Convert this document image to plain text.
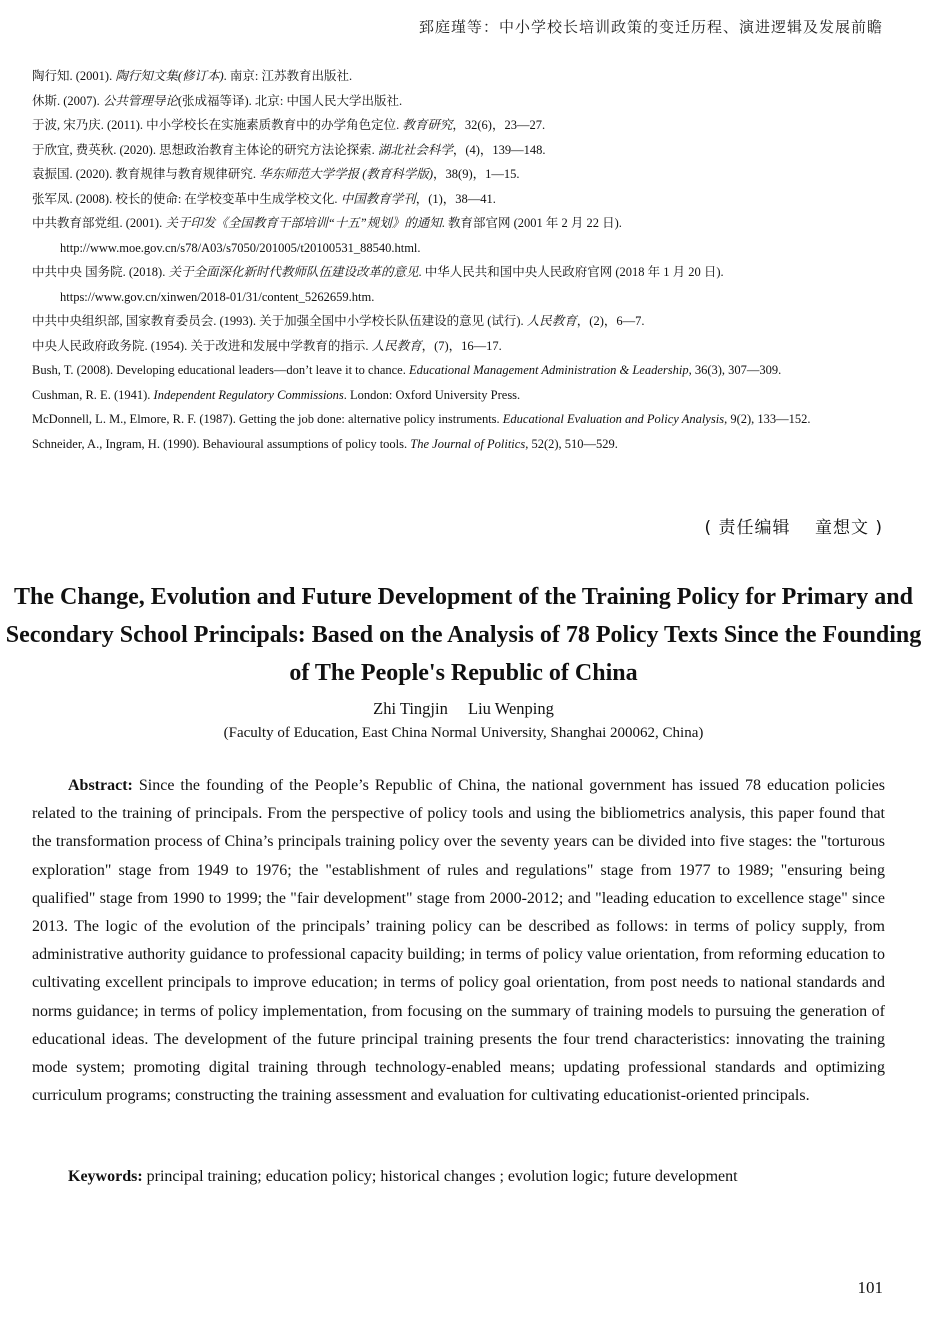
郅庭瑾等：中小学校长培训政策的变迁历程、演进逻辑及发展前瞻

陶行知. (2001). 陶行知文集(修订本). 南京: 江苏教育出版社.

休斯. (2007). 公共管理导论(张成福等译). 北京: 中国人民大学出版社.

于波, 宋乃庆. (2011). 中小学校长在实施素质教育中的办学角色定位. 教育研究，32(6)，23—27.

于欣宜, 费英秋. (2020). 思想政治教育主体论的研究方法论探索. 湖北社会科学，(4)，139—148.

袁振国. (2020). 教育规律与教育规律研究. 华东师范大学学报 (教育科学版)，38(9)，1—15.

张军凤. (2008). 校长的使命: 在学校变革中生成学校文化. 中国教育学刊，(1)，38—41.

中共教育部党组. (2001). 关于印发《全国教育干部培训“十五”规划》的通知. 教育部官网 (2001 年 2 月 22 日). http://www.moe.gov.cn/s78/A03/s7050/201005/t20100531_88540.html.

中共中央 国务院. (2018). 关于全面深化新时代教师队伍建设改革的意见. 中华人民共和国中央人民政府官网 (2018 年 1 月 20 日). https://www.gov.cn/xinwen/2018-01/31/content_5262659.htm.

中共中央组织部, 国家教育委员会. (1993). 关于加强全国中小学校长队伍建设的意见 (试行). 人民教育，(2)，6—7.

中央人民政府政务院. (1954). 关于改进和发展中学教育的指示. 人民教育，(7)，16—17.

Bush, T. (2008). Developing educational leaders—don’t leave it to chance. Educational Management Administration & Leadership, 36(3), 307—309.

Cushman, R. E. (1941). Independent Regulatory Commissions. London: Oxford University Press.

McDonnell, L. M., Elmore, R. F. (1987). Getting the job done: alternative policy instruments. Educational Evaluation and Policy Analysis, 9(2), 133—152.

Schneider, A., Ingram, H. (1990). Behavioural assumptions of policy tools. The Journal of Politics, 52(2), 510—529.

( 责任编辑　 童想文 )
The Change, Evolution and Future Development of the Training Policy for Primary and Secondary School Principals: Based on the Analysis of 78 Policy Texts Since the Founding of The People's Republic of China
Zhi Tingjin Liu Wenping
(Faculty of Education, East China Normal University, Shanghai 200062, China)

Abstract: Since the founding of the People’s Republic of China, the national government has issued 78 education policies related to the training of principals. From the perspective of policy tools and using the bibliometrics analysis, this paper found that the transformation process of China’s principals training policy over the seventy years can be divided into five stages: the "torturous exploration" stage from 1949 to 1976; the "establishment of rules and regulations" stage from 1977 to 1989; "ensuring being qualified" stage from 1990 to 1999; the "fair development" stage from 2000-2012; and "leading education to excellence stage" since 2013. The logic of the evolution of the principals’ training policy can be described as follows: in terms of policy supply, from administrative authority guidance to professional capacity building; in terms of policy value orientation, from reforming education to cultivating excellent principals to improve education; in terms of policy goal orientation, from post needs to national standards and norms guidance; in terms of policy implementation, from focusing on the summary of training models to pursuing the generation of educational ideas. The development of the future principal training presents the four trend characteristics: innovating the training mode system; promoting digital training through technology-enabled means; updating professional standards and optimizing curriculum programs; constructing the training assessment and evaluation for cultivating educationist-oriented principals.

Keywords: principal training; education policy; historical changes ; evolution logic; future development
101
